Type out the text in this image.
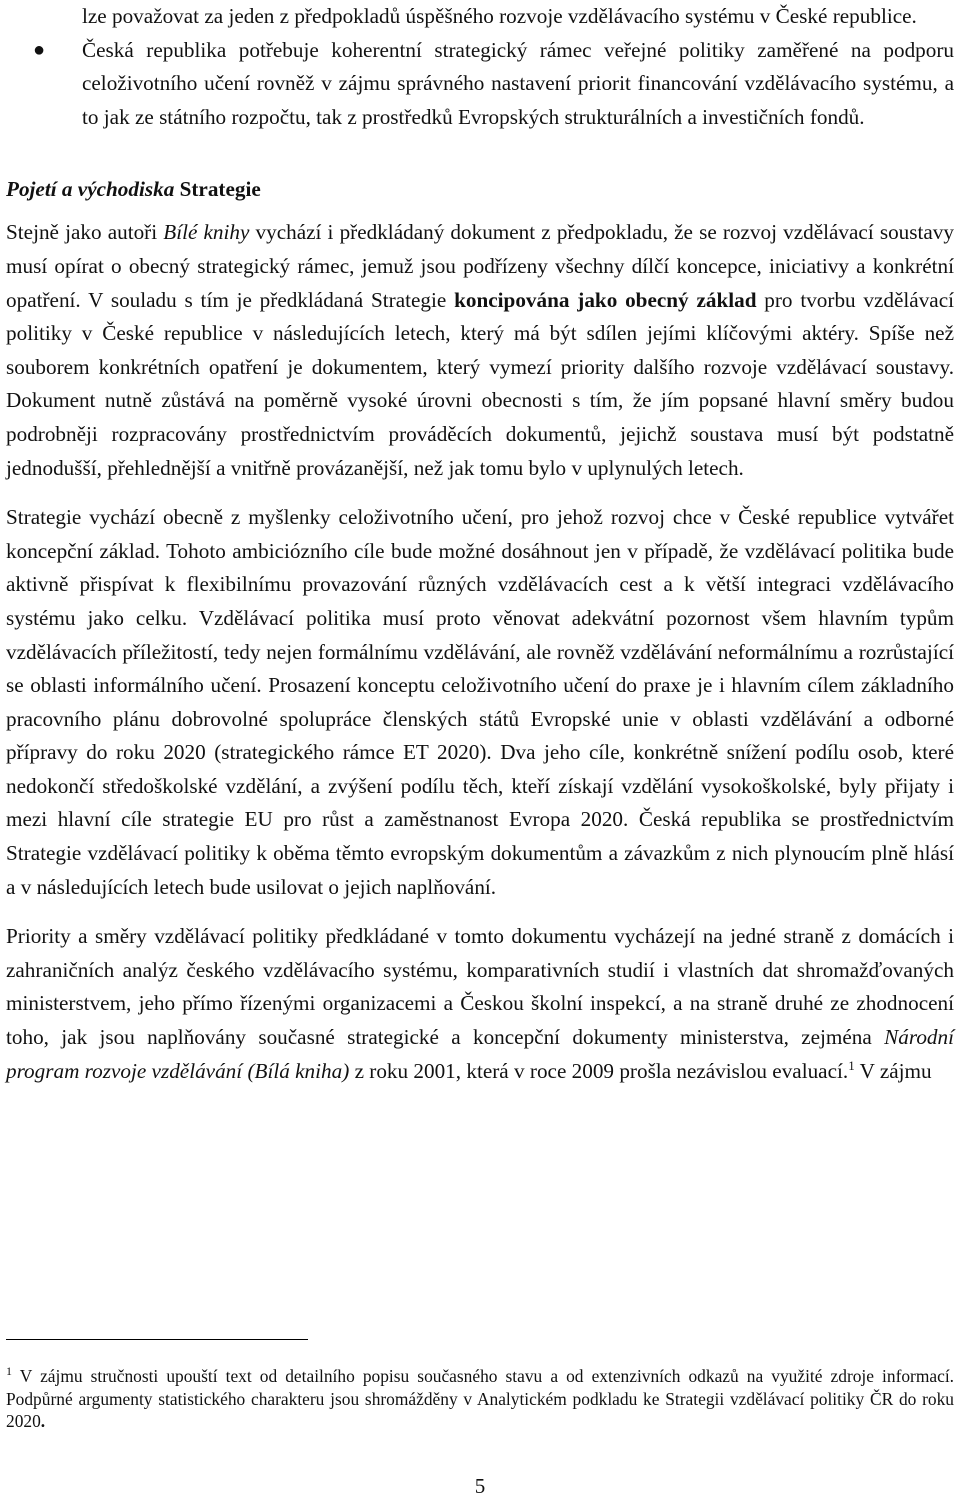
lze považovat za jeden z předpokladů úspěšného rozvoje vzdělávacího systému v České republice.
● Česká republika potřebuje koherentní strategický rámec veřejné politiky zaměřené na podporu celoživotního učení rovněž v zájmu správného nastavení priorit financování vzdělávacího systému, a to jak ze státního rozpočtu, tak z prostředků Evropských strukturálních a investičních fondů.
Pojetí a východiska Strategie

Stejně jako autoři Bílé knihy vychází i předkládaný dokument z předpokladu, že se rozvoj vzdělávací soustavy musí opírat o obecný strategický rámec, jemuž jsou podřízeny všechny dílčí koncepce, iniciativy a konkrétní opatření. V souladu s tím je předkládaná Strategie koncipována jako obecný základ pro tvorbu vzdělávací politiky v České republice v následujících letech, který má být sdílen jejími klíčovými aktéry. Spíše než souborem konkrétních opatření je dokumentem, který vymezí priority dalšího rozvoje vzdělávací soustavy. Dokument nutně zůstává na poměrně vysoké úrovni obecnosti s tím, že jím popsané hlavní směry budou podrobněji rozpracovány prostřednictvím prováděcích dokumentů, jejichž soustava musí být podstatně jednodušší, přehlednější a vnitřně provázanější, než jak tomu bylo v uplynulých letech.

Strategie vychází obecně z myšlenky celoživotního učení, pro jehož rozvoj chce v České republice vytvářet koncepční základ. Tohoto ambiciózního cíle bude možné dosáhnout jen v případě, že vzdělávací politika bude aktivně přispívat k flexibilnímu provazování různých vzdělávacích cest a k větší integraci vzdělávacího systému jako celku. Vzdělávací politika musí proto věnovat adekvátní pozornost všem hlavním typům vzdělávacích příležitostí, tedy nejen formálnímu vzdělávání, ale rovněž vzdělávání neformálnímu a rozrůstající se oblasti informálního učení. Prosazení konceptu celoživotního učení do praxe je i hlavním cílem základního pracovního plánu dobrovolné spolupráce členských států Evropské unie v oblasti vzdělávání a odborné přípravy do roku 2020 (strategického rámce ET 2020). Dva jeho cíle, konkrétně snížení podílu osob, které nedokončí středoškolské vzdělání, a zvýšení podílu těch, kteří získají vzdělání vysokoškolské, byly přijaty i mezi hlavní cíle strategie EU pro růst a zaměstnanost Evropa 2020. Česká republika se prostřednictvím Strategie vzdělávací politiky k oběma těmto evropským dokumentům a závazkům z nich plynoucím plně hlásí a v následujících letech bude usilovat o jejich naplňování.

Priority a směry vzdělávací politiky předkládané v tomto dokumentu vycházejí na jedné straně z domácích i zahraničních analýz českého vzdělávacího systému, komparativních studií i vlastních dat shromažďovaných ministerstvem, jeho přímo řízenými organizacemi a Českou školní inspekcí, a na straně druhé ze zhodnocení toho, jak jsou naplňovány současné strategické a koncepční dokumenty ministerstva, zejména Národní program rozvoje vzdělávání (Bílá kniha) z roku 2001, která v roce 2009 prošla nezávislou evaluací.$^1$ V zájmu

$^1$ V zájmu stručnosti upouští text od detailního popisu současného stavu a od extenzivních odkazů na využité zdroje informací. Podpůrné argumenty statistického charakteru jsou shromážděny v Analytickém podkladu ke Strategii vzdělávací politiky ČR do roku 2020.
5
